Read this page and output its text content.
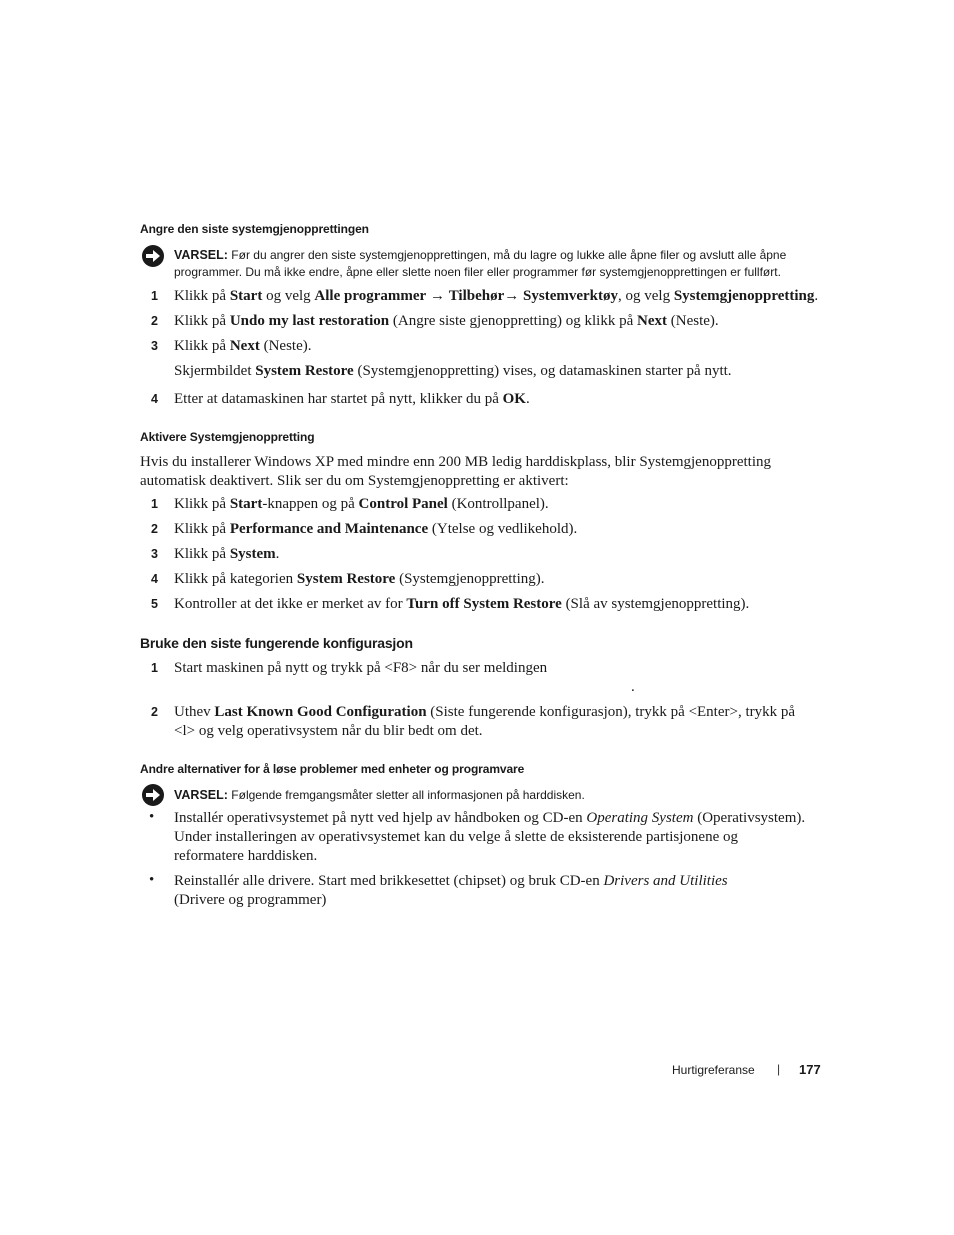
Angre den siste systemgjenopprettingen
VARSEL: Før du angrer den siste systemgjenopprettingen, må du lagre og lukke alle åpne filer og avslutt alle åpne
programmer. Du må ikke endre, åpne eller slette noen filer eller programmer før systemgjenopprettingen er fullført.
1 Klikk på Start og velg Alle programmer → Tilbehør→ Systemverktøy, og velg Systemgjenoppretting.
2 Klikk på Undo my last restoration (Angre siste gjenoppretting) og klikk på Next (Neste).
3 Klikk på Next (Neste).
Skjermbildet System Restore (Systemgjenoppretting) vises, og datamaskinen starter på nytt.
4 Etter at datamaskinen har startet på nytt, klikker du på OK.
Aktivere Systemgjenoppretting
Hvis du installerer Windows XP med mindre enn 200 MB ledig harddiskplass, blir Systemgjenoppretting
automatisk deaktivert. Slik ser du om Systemgjenoppretting er aktivert:
1 Klikk på Start-knappen og på Control Panel (Kontrollpanel).
2 Klikk på Performance and Maintenance (Ytelse og vedlikehold).
3 Klikk på System.
4 Klikk på kategorien System Restore (Systemgjenoppretting).
5 Kontroller at det ikke er merket av for Turn off System Restore (Slå av systemgjenoppretting).
Bruke den siste fungerende konfigurasjon
1 Start maskinen på nytt og trykk på <F8> når du ser meldingen
.
2 Uthev Last Known Good Configuration (Siste fungerende konfigurasjon), trykk på <Enter>, trykk på
<l> og velg operativsystem når du blir bedt om det.
Andre alternativer for å løse problemer med enheter og programvare
VARSEL: Følgende fremgangsmåter sletter all informasjonen på harddisken.
• Installér operativsystemet på nytt ved hjelp av håndboken og CD-en Operating System (Operativsystem).
Under installeringen av operativsystemet kan du velge å slette de eksisterende partisjonene og
reformatere harddisken.
• Reinstallér alle drivere. Start med brikkesettet (chipset) og bruk CD-en Drivers and Utilities
(Drivere og programmer)
Hurtigreferanse | 177
